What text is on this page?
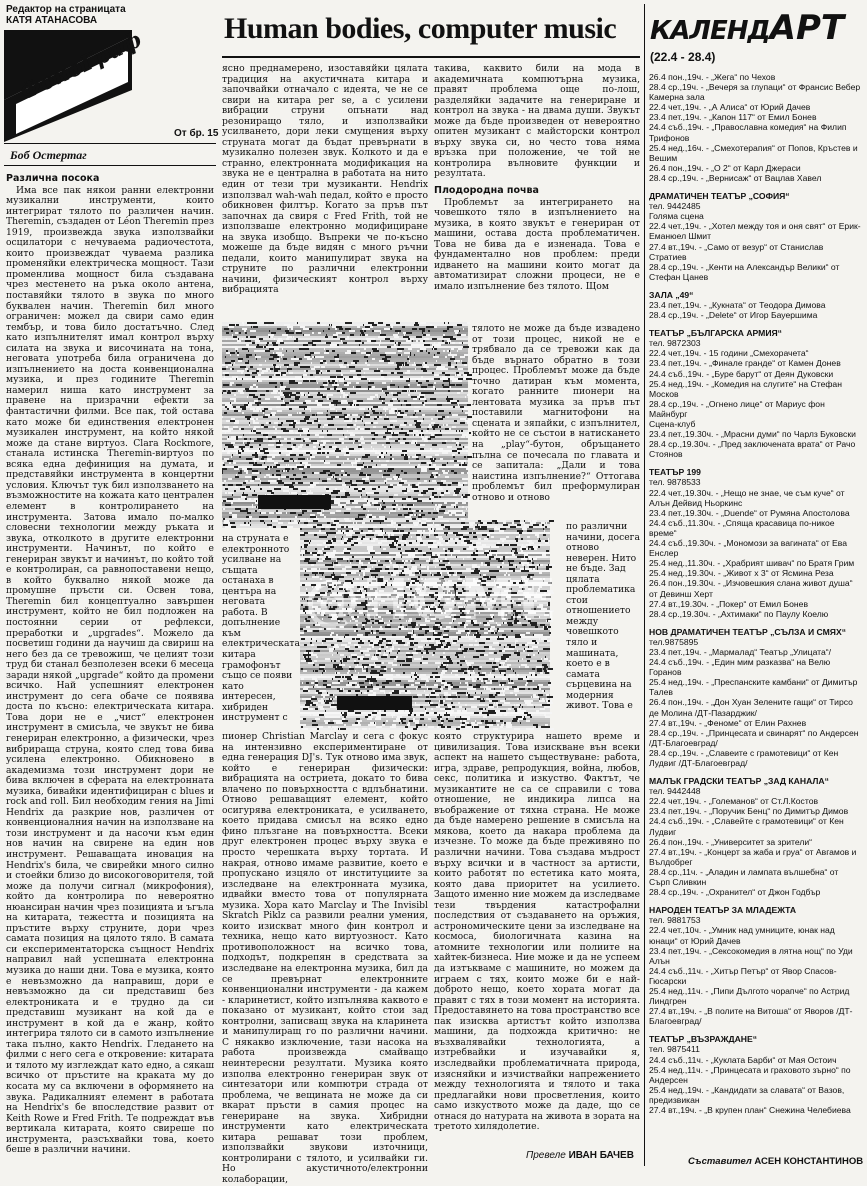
Редактор на страницата
КАТЯ АТАНАСОВА
ФоноГраф
От бр. 15
Human bodies, computer music
Боб Остертаг
Различна посока

Има все пак някои ранни електронни музикални инструменти, които интегрират тялото по различен начин. Theremin, създаден от Léon Theremin през 1919, произвежда звука използвайки осцилатори с нечуваема радиочестота, които произвеждат чуваема разлика променяйки електрическа мощност. Тази променлива мощност била създавана чрез местенето на ръка около антена, поставяйки тялото в звука по много буквален начин. Theremin бил много ограничен: можел да свири само един тембър, и това било достатъчно. След като изпълнителят имал контрол върху силата на звука и височината на тона, неговата употреба била ограничена до изпълнението на доста конвенционална музика, и през годините Theremin намерил ниша като инструмент за правене на призрачни ефекти за фантастични филми. Все пак, той остава като може би единствения електронен музикален инструмент, на който някой може да стане виртуоз. Clara Rockmore, станала истинска Theremin-виртуоз по всяка една дефиниция на думата, и представяйки инструмента в концертни условия. Ключът тук бил използването на възможностите на кожата като централен елемент в контролирането на инструмента. Затова имало по-малко словесни технологии между ръката и звука, отколкото в другите електронни инструменти. Начинът, по който е генериран звукът и начинът, по който той е контролиран, са равнопоставени нещо, в който буквално някой може да промушне пръсти си. Освен това, Theremin бил концептуално завършен инструмент, който не бил подложен на постоянни серии от рефлекси, преработки и „upgrades“. Можело да посветиш години да научиш да свириш на него без да се тревожиш, че целият този труд би станал безполезен всеки 6 месеца заради някой „upgrade“ който да промени всичко. Най успешният електронен инструмент до сега обаче се появява доста по късно: електрическата китара. Това дори не е „чист“ електронен инструмент в смисъла, че звукът не бива генериран електронно, а физически, чрез вибрираща струна, която след това бива усилена електронно. Обикновено в академизма този инструмент дори не бива включен в сферата на електронната музика, бивайки идентифициран с blues и rock and roll. Бил необходим гения на Jimi Hendrix да разкрие нов, различен от конвенционалния начин на използване на този инструмент и да насочи към един нов начин на свирене на един нов инструмент. Решаващата иновация на Hendrix's била, че свирейки много силно и стоейки близо до високоговорителя, той може да получи сигнал (микрофония), който да контролира по невероятно нюансиран начин чрез позицията и ъгъла на китарата, тежестта и позицията на пръстите върху струните, дори чрез самата позиция на цялото тяло. В самата си експериментаторска същност Hendrix направил най успешната електронна музика до наши дни. Това е музика, която е невъзможно да направиш, дори е невъзможно да си представиш без електрониката и е трудно да си представиш музикант на кой да е инструмент в кой да е жанр, който интегрира тялото си в самото изпълнение така пълно, както Hendrix. Гледането на филми с него сега е откровение: китарата и тялото му изглеждат като едно, а сякаш всичко от пръстите на краката му до косата му са включени в оформянето на звука. Радикалният елемент в работата на Hendrix's бе впоследствие развит от Keith Rowe и Fred Frith. Те подреждат във вертикала китарата, която свиреше по инструмента, разсъхвайки това, което беше в различни начини.

ясно преднамерено, изоставяйки цялата традиция на акустичната китара и започвайки отначало с идеята, че не се свири на китара per se, а с усилени вибрации струни опънати над резониращо тяло, и използвайки усилването, дори леки смущения върху струната могат да бъдат превърнати в музикално полезен звук. Колкото и да е странно, електронната модификация на звука не е централна в работата на нито един от тези три музиканти. Hendrix използвал wah-wah педал, който е просто обикновен филтър. Когато за пръв път започнах да свиря с Fred Frith, той не използваше електронно модифициране на звука изобщо. Въпреки че по-късно можеше да бъде видян с много ръчни педали, които манипулират звука на струните по различни електронни начини, физическият контрол върху вибрацията

такива, каквито били на мода в академичната компютърна музика, правят проблема още по-лош, разделяйки задачите на генериране и контрол на звука - на двама души. Звукът може да бъде произведен от невероятно опитен музикант с майсторски контрол върху звука си, но често това няма връзка при положение, че той не контролира вълновите функции и резултата.

Плодородна почва

Проблемът за интегрирането на човешкото тяло в изпълнението на музика, в която звукът е генериран от машини, остава доста проблематичен. Това не бива да е изненада. Това е фундаментално нов проблем: преди идването на машини които могат да автоматизират сложни процеси, не е имало изпълнение без тялото. Щом

тялото не може да бъде извадено от този процес, никой не е трябвало да се тревожи как да бъде върнато обратно в този процес. Проблемът може да бъде точно датиран към момента, когато ранните пионери на лентовата музика за пръв път поставили магнитофони на сцената и зяпайки, с изпълнител, който не се състои в натискането на „play“-бутон, обръщането пълна се почесала по главата и се запитала: „Дали и това наистина изпълнение?“ Оттогава проблемът бил преформулиран отново и отново

на струната е електронното усилване на същата останаха в центъра на неговата работа. В допълнение към електрическата китара грамофонът също се появи като интересен, хибриден инструмент с

@HOME

по различни начини, досега отново неверен. Нито не бъде. Зад цялата проблематика стои отношението между човешкото тяло и машината, което е в самата сърцевина на модерния живот. Това е

пионер Christian Marclay и сега с фокус на интензивно експериментиране от една генерация DJ's. Тук отново има звук, който е генериран физически: вибрацията на остриета, докато то бива влачено по повърхността с вдлъбнатини. Отново решаващият елемент, който осигурява електрониката, е усилването, което придава смисъл на всяко едно фино плъзгане на повърхността. Всеки друг електронен процес върху звука е просто черешката върху тортата. И накрая, отново имаме развитие, което е пропускано изцяло от институциите за изследване на електронната музика, идвайки вместо това от популярната музика. Хора като Marclay и The Invisibl Skratch Piklz са развили реални умения, които изискват много фин контрол и техника, нещо като виртуозност. Като противоположност на всичко това, подходът, подкрепян в средствата за изследване на електронна музика, бил да се превърнат електронните конвенционални инструменти - да кажем - кларинетист, който изпълнява каквото е показано от музикант, който стои зад контролни, записващ звука на кларинета и манипулиращ го по различни начини. С някакво изключение, тази насока на работа произвежда смайващо неинтересни резултати. Музика която изполва електронно генериран звук от синтезатори или компютри страда от проблема, че вещината не може да си вкарат пръсти в самия процес на генериране на звука. Хибридни инструменти като електрическата китара решават този проблем, използвайки звукови източници, контролирани с тялото, и усилвайки ги. Но акустичното/електронни колаборации,

която структурира нашето време и цивилизация. Това изискване вън всеки аспект на нашето съществуване: работа, игра, здраве, репродукция, война, любов, секс, политика и изкуство. Фактът, че музикантите не са се справили с това отношение, не индикира липса на въображение от тяхна страна. Не може да бъде намерено решение в смисъла на мякова, което да накара проблема да изчезне. То може да бъде преживяно по различни начини. Това създава мъдрост върху всички и в частност за артисти, които работят по естетика като моята, която дава приоритет на усилието. Защото именно ние можем да изследваме тези твърдения катастрофални последствия от създаването на оръжия, астрономическите цени за изследване на космоса, биологичната казина на атомните технологии или полиите на хайтек-бизнеса. Ние може и да не успеем да изтъкваме с машините, но можем да играем с тях, които може би е най-доброто нещо, което хората могат да правят с тях в този момент на историята. Предоставянето на това пространство все пак изисква артистът който използва машини, да подхожда критично: не възхвалявайки технологията, а изтребвайки и изучавайки я, изследвайки проблематичната природа, изясняйки и изчиствайки напрежението между технологията и тялото и така предлагайки нови просветления, които само изкуството може да даде, що се отнася до натурата на живота в зората на третото хилядолетие.

Превеле ИВАН БАЧЕВ
КАЛЕНДАРТ
(22.4 - 28.4)
26.4 пон.,19ч. - „Жега“ по Чехов
28.4 ср.,19ч. - „Вечеря за глупаци“ от Франсис Вебер Камерна зала
22.4 чет.,19ч. - „А Алиса“ от Юрий Дачев
23.4 пет.,19ч. - „Капон 117“ от Емил Бонев
24.4 съб.,19ч. - „Православна комедия“ на Филип Трифонов
25.4 нед.,16ч. - „Смехотерапия“ от Попов, Кръстев и Вешим
26.4 пон.,19ч. - „О 2“ от Карл Джераси
28.4 ср.,19ч. - „Вернисаж“ от Вацлав Хавел
ДРАМАТИЧЕН ТЕАТЪР „СОФИЯ“
тел. 9442485
Голяма сцена
22.4 чет.,19ч. - „Хотел между тоя и оня свят“ от Ерик-Еманюел Шмит
27.4 вт.,19ч. - „Само от везур“ от Станислав Стратиев
28.4 ср.,19ч. - „Кенти на Александър Велики“ от Стефан Цанев
ЗАЛА „49“
23.4 пет.,19ч. - „Кукната“ от Теодора Димова
28.4 ср.,19ч. - „Delete“ от Игор Бауершима
ТЕАТЪР „БЪЛГАРСКА АРМИЯ“
тел. 9872303
22.4 чет.,19ч. - 15 години „Смехорачета“
23.4 пет.,19ч. - „Финале гранде“ от Камен Донев
24.4 съб.,19ч. - „Буре барут“ от Деян Дуковски
25.4 нед.,19ч. - „Комедия на слугите“ на Стефан Москов
28.4 ср.,19ч. - „Огнено лице“ от Мариус фон Майнбург
Сцена-клуб
23.4 пет.,19.30ч. - „Мрасни думи“ по Чарлз Буковски
28.4 ср.,19.30ч. - „Пред заключената врата“ от Рачо Стоянов
ТЕАТЪР 199
тел. 9878533
22.4 чет.,19.30ч. - „Нещо не знае, че съм куче“ от Алън Дейвид Ньоркинс
23.4 пет.,19.30ч. - „Duende“ от Румяна Апостолова
24.4 съб.,11.30ч. - „Спяща красавица по-никое време“
24.4 съб.,19.30ч. - „Мономози за вагината“ от Ева Енслер
25.4 нед.,11.30ч. - „Храбрият шивач“ по Братя Грим
25.4 нед.,19.30ч. - „Живот х 3“ от Ясмина Реза
26.4 пон.,19.30ч. - „Изчовешкия слана живот душа“ от Девинш Херт
27.4 вт.,19.30ч. - „Покер“ от Емил Бонев
28.4 ср.,19.30ч. - „Ахтимаки“ по Паулу Коелю
НОВ ДРАМАТИЧЕН ТЕАТЪР „СЪЛЗА И СМЯХ“
тел.9875895
23.4 пет.,19ч. - „Мармалад“ Театър „Улицата“/
24.4 съб.,19ч. - „Един мим разказва“ на Велю Горанов
25.4 нед.,19ч. - „Преспанските камбани“ от Димитър Талев
26.4 пон.,19ч. - „Дон Хуан Зелените гащи“ от Тирсо де Молина /ДТ-Пазарджик/
27.4 вт.,19ч. - „Феноме“ от Елин Рахнев
28.4 ср.,19ч. - „Принцесата и свинарят“ по Андерсен /ДТ-Благоевград/
28.4 ср.,19ч. - „Славеите с грамотевици“ от Кен Лудвиг /ДТ-Благоевград/
МАЛЪК ГРАДСКИ ТЕАТЪР „ЗАД КАНАЛА“
тел. 9442448
22.4 чет.,19ч. - „Големанов“ от Ст.Л.Костов
23.4 пет.,19ч. - „Поручик Бенц“ по Димитър Димов
24.4 съб.,19ч. - „Славейте с грамотевици“ от Кен Лудвиг
26.4 пон.,19ч. - „Университет за зрители“
27.4 вт.,19ч. - „Концерт за жаба и груа“ от Авгамов и Вълдобрег
28.4 ср.,11ч. - „Аладин и лампата вълшебна“ от Сърп Сливкин
28.4 ср.,19ч. - „Охранител“ от Джон Годбър
НАРОДЕН ТЕАТЪР ЗА МЛАДЕЖТА
тел. 9881753
22.4 чет.,10ч. - „Умник над умниците, юнак над юнаци“ от Юрий Дачев
23.4 пет.,19ч. - „Сексокомедия в лятна нощ“ по Уди Алън
24.4 съб.,11ч. - „Хитър Петър“ от Явор Спасов-Гюсарски
25.4 нед.,11ч. - „Пипи Дългото чорапче“ по Астрид Линдгрен
27.4 вт.,19ч. - „В полите на Витоша“ от Яворов /ДТ-Благоевград/
ТЕАТЪР „ВЪЗРАЖДАНЕ“
тел. 9875411
24.4 съб.,11ч. - „Куклата Барби“ от Мая Остоич
25.4 нед.,11ч. - „Принцесата и граховото зърно“ по Андерсен
25.4 нед.,19ч. - „Кандидати за славата“ от Вазов, предизвикан
27.4 вт.,19ч. - „В крупен план“ Снежина Челебиева
Съставител АСЕН КОНСТАНТИНОВ
